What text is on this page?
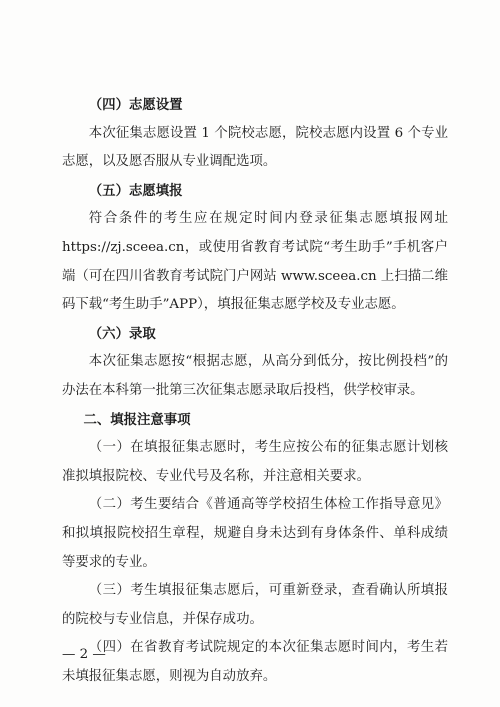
（四）志愿设置

本次征集志愿设置 1 个院校志愿，院校志愿内设置 6 个专业志愿，以及愿否服从专业调配选项。

（五）志愿填报

符合条件的考生应在规定时间内登录征集志愿填报网址 https://zj.sceea.cn，或使用省教育考试院“考生助手”手机客户端（可在四川省教育考试院门户网站 www.sceea.cn 上扫描二维码下载“考生助手”APP），填报征集志愿学校及专业志愿。

（六）录取

本次征集志愿按“根据志愿，从高分到低分，按比例投档”的办法在本科第一批第三次征集志愿录取后投档，供学校审录。

二、填报注意事项

（一）在填报征集志愿时，考生应按公布的征集志愿计划核准拟填报院校、专业代号及名称，并注意相关要求。

（二）考生要结合《普通高等学校招生体检工作指导意见》和拟填报院校招生章程，规避自身未达到有身体条件、单科成绩等要求的专业。

（三）考生填报征集志愿后，可重新登录，查看确认所填报的院校与专业信息，并保存成功。

（四）在省教育考试院规定的本次征集志愿时间内，考生若未填报征集志愿，则视为自动放弃。

— 2 —
